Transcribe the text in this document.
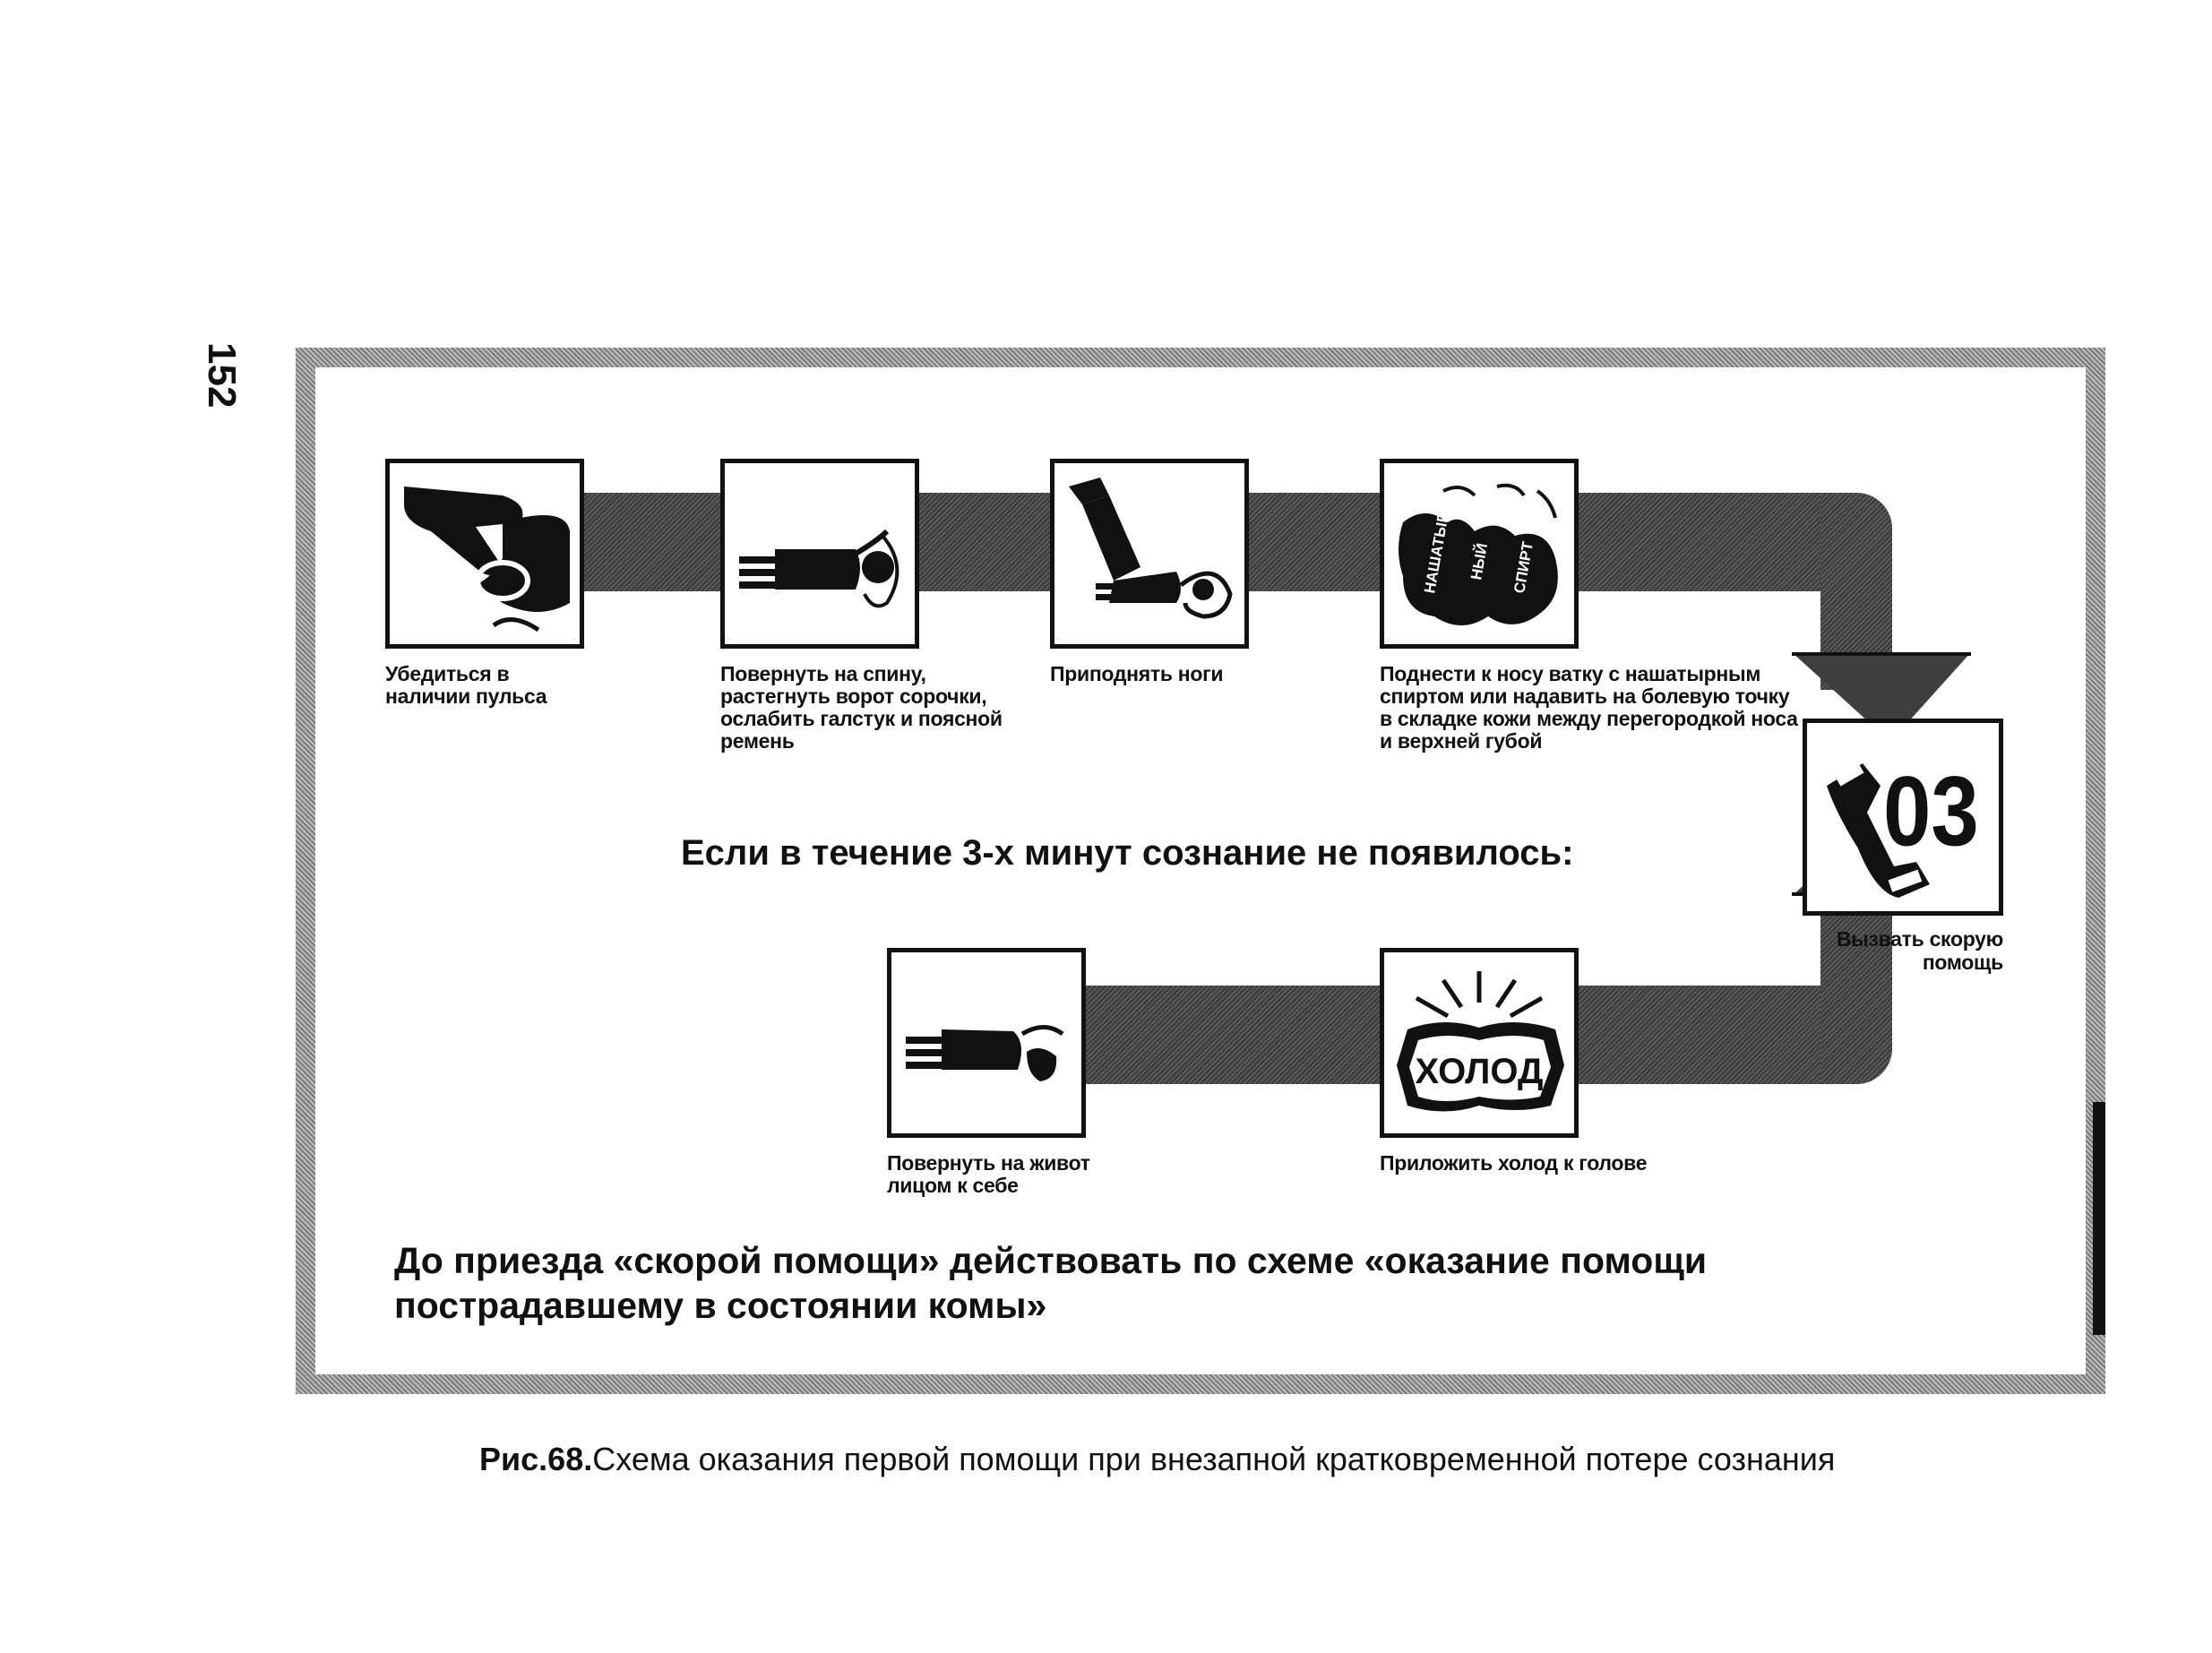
152
НАШАТЫР НЫЙ СПИРТ
Убедиться в наличии пульса
Повернуть на спину, растегнуть ворот сорочки, ослабить галстук и поясной ремень
Приподнять ноги	Поднести к носу ватку с нашатырным спиртом или надавить на болевую точку в складке кожи между перегородкой носа и верхней губой
03
Вызвать скорую
помощь
Если в течение 3-х минут сознание не появилось:
ХОЛОД
Повернуть на живот лицом к себе
Приложить холод к голове
До приезда «скорой помощи» действовать по схеме «оказание помощи пострадавшему в состоянии комы»
Рис.68.Схема оказания первой помощи при внезапной кратковременной потере сознания
